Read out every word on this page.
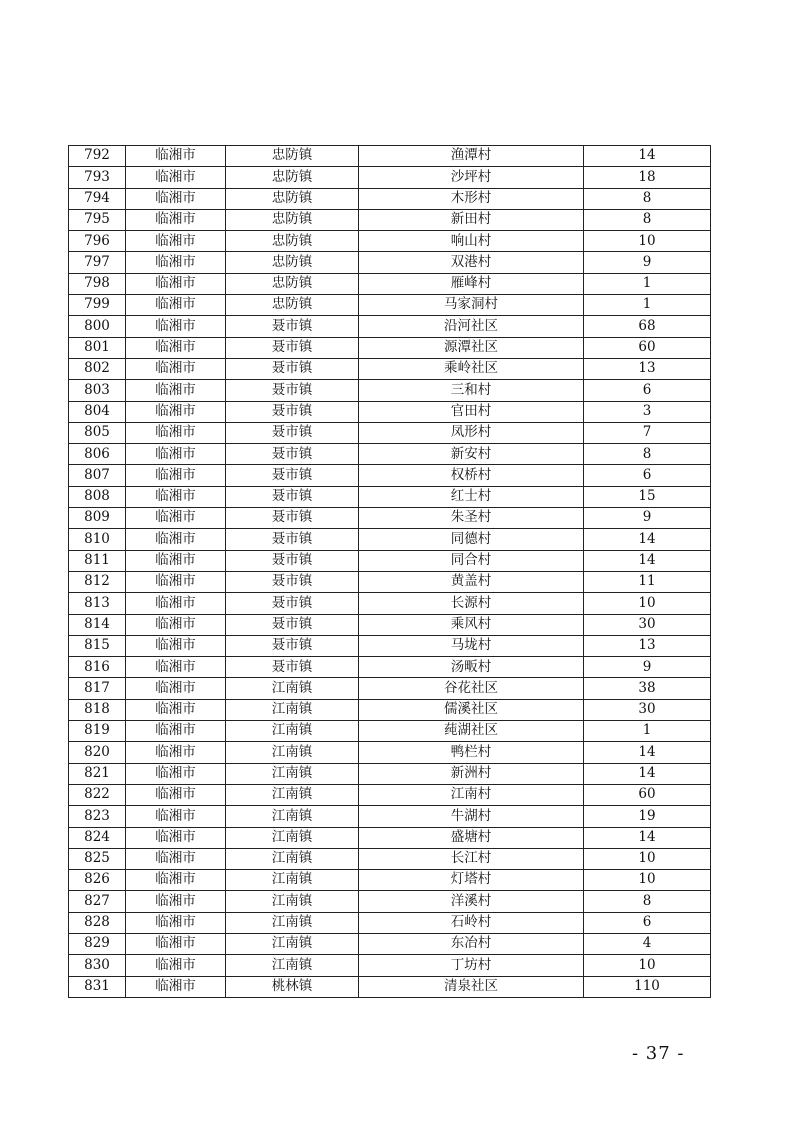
792	临湘市	忠防镇	渔潭村	14
793	临湘市	忠防镇	沙坪村	18
794	临湘市	忠防镇	木形村	8
795	临湘市	忠防镇	新田村	8
796	临湘市	忠防镇	响山村	10
797	临湘市	忠防镇	双港村	9
798	临湘市	忠防镇	雁峰村	1
799	临湘市	忠防镇	马家洞村	1
800	临湘市	聂市镇	沿河社区	68
801	临湘市	聂市镇	源潭社区	60
802	临湘市	聂市镇	乘岭社区	13
803	临湘市	聂市镇	三和村	6
804	临湘市	聂市镇	官田村	3
805	临湘市	聂市镇	凤形村	7
806	临湘市	聂市镇	新安村	8
807	临湘市	聂市镇	权桥村	6
808	临湘市	聂市镇	红士村	15
809	临湘市	聂市镇	朱圣村	9
810	临湘市	聂市镇	同德村	14
811	临湘市	聂市镇	同合村	14
812	临湘市	聂市镇	黄盖村	11
813	临湘市	聂市镇	长源村	10
814	临湘市	聂市镇	乘风村	30
815	临湘市	聂市镇	马垅村	13
816	临湘市	聂市镇	汤畈村	9
817	临湘市	江南镇	谷花社区	38
818	临湘市	江南镇	儒溪社区	30
819	临湘市	江南镇	莼湖社区	1
820	临湘市	江南镇	鸭栏村	14
821	临湘市	江南镇	新洲村	14
822	临湘市	江南镇	江南村	60
823	临湘市	江南镇	牛湖村	19
824	临湘市	江南镇	盛塘村	14
825	临湘市	江南镇	长江村	10
826	临湘市	江南镇	灯塔村	10
827	临湘市	江南镇	洋溪村	8
828	临湘市	江南镇	石岭村	6
829	临湘市	江南镇	东冶村	4
830	临湘市	江南镇	丁坊村	10
831	临湘市	桃林镇	清泉社区	110
- 37 -
